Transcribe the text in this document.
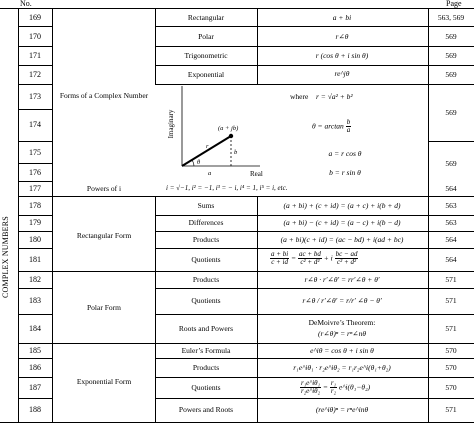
No.	Page
COMPLEX NUMBERS
169
170
171
172
173
174
175
176
177
178
179
180
181
182
183
184
185
186
187
188
563, 569
569
569
569
569
569
564
563
563
564
564
571
571
571
570
570
570
571
Forms of a Complex Number
Powers of i
Rectangular Form
Polar Form
Exponential Form
Rectangular
Polar
Trigonometric
Exponential
Sums
Differences
Products
Quotients
Products
Quotients
Roots and Powers
Euler’s Formula
Products
Quotients
Powers and Roots
a + bi
r∠θ
r (cos θ + i sin θ)
re^jθ
where r = √a² + b²
$\theta = \arctan \frac{b}{a}$
a = r cos θ
b = r sin θ
Imaginary
Real
(a + jb)
r
b
θ
a
i = √−1, i² = −1, i³ = − i, i⁴ = 1, i⁵ = i, etc.
(a + bi) + (c + id) = (a + c) + i(b + d)
(a + bi) − (c + id) = (a − c) + i(b − d)
(a + bi)(c + id) = (ac − bd) + i(ad + bc)
$\frac{a + bi}{c + id} = \frac{ac + bd}{\text{c² + d²}} + i \frac{bc - ad}{\text{c² + d²}}$
r∠θ · r′∠θ′ = rr′∠θ + θ′
r∠θ / r′∠θ′ = r/r′ ∠θ − θ′
DeMoivre’s Theorem:
(r∠θ)ⁿ = rⁿ∠nθ
e^iθ = cos θ + i sin θ
r₁e^iθ₁ · r₂e^iθ₂ = r₁r₂e^i(θ₁+θ₂)
$\frac{\text{r₁e\textasciicircum{}iθ₁}}{\text{r₂e\textasciicircum{}iθ₂}} = \frac{\text{r₁}}{\text{r₂}}$ e^i(θ₁−θ₂)
(re^iθ)ⁿ = rⁿe^inθ
